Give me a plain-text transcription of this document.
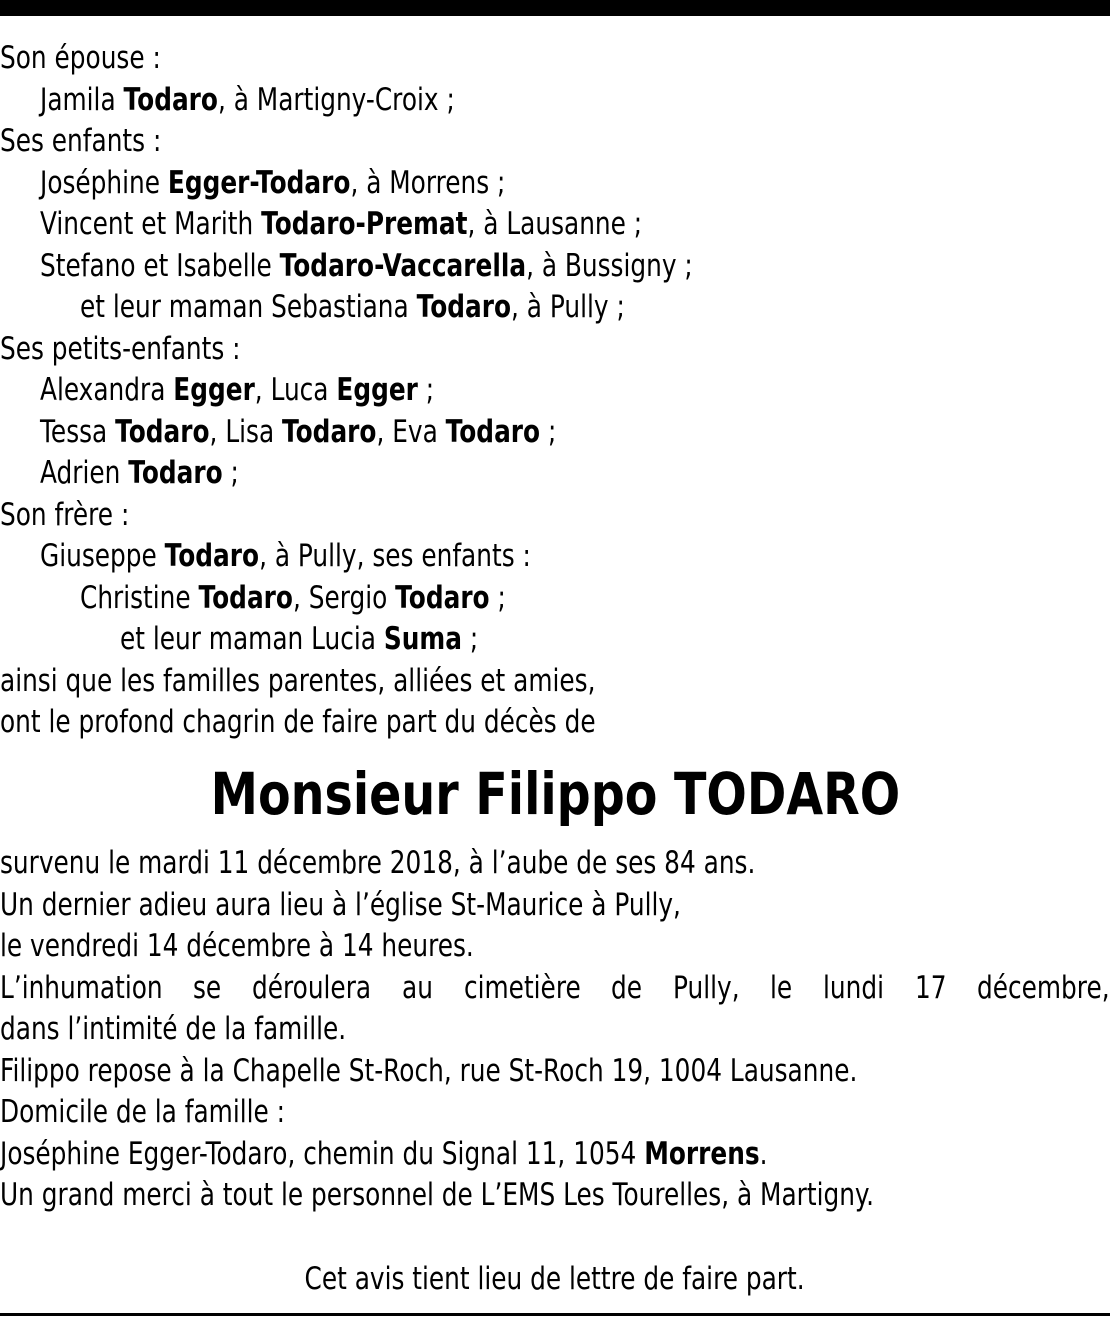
Son épouse :
Jamila Todaro, à Martigny-Croix ;
Ses enfants :
Joséphine Egger-Todaro, à Morrens ;
Vincent et Marith Todaro-Premat, à Lausanne ;
Stefano et Isabelle Todaro-Vaccarella, à Bussigny ;
et leur maman Sebastiana Todaro, à Pully ;
Ses petits-enfants :
Alexandra Egger, Luca Egger ;
Tessa Todaro, Lisa Todaro, Eva Todaro ;
Adrien Todaro ;
Son frère :
Giuseppe Todaro, à Pully, ses enfants :
Christine Todaro, Sergio Todaro ;
et leur maman Lucia Suma ;
ainsi que les familles parentes, alliées et amies,
ont le profond chagrin de faire part du décès de
Monsieur Filippo TODARO
survenu le mardi 11 décembre 2018, à l’aube de ses 84 ans.
Un dernier adieu aura lieu à l’église St-Maurice à Pully,
le vendredi 14 décembre à 14 heures.
L’inhumation se déroulera au cimetière de Pully, le lundi 17 décembre,
dans l’intimité de la famille.
Filippo repose à la Chapelle St-Roch, rue St-Roch 19, 1004 Lausanne.
Domicile de la famille :
Joséphine Egger-Todaro, chemin du Signal 11, 1054 Morrens.
Un grand merci à tout le personnel de L’EMS Les Tourelles, à Martigny.
Cet avis tient lieu de lettre de faire part.
